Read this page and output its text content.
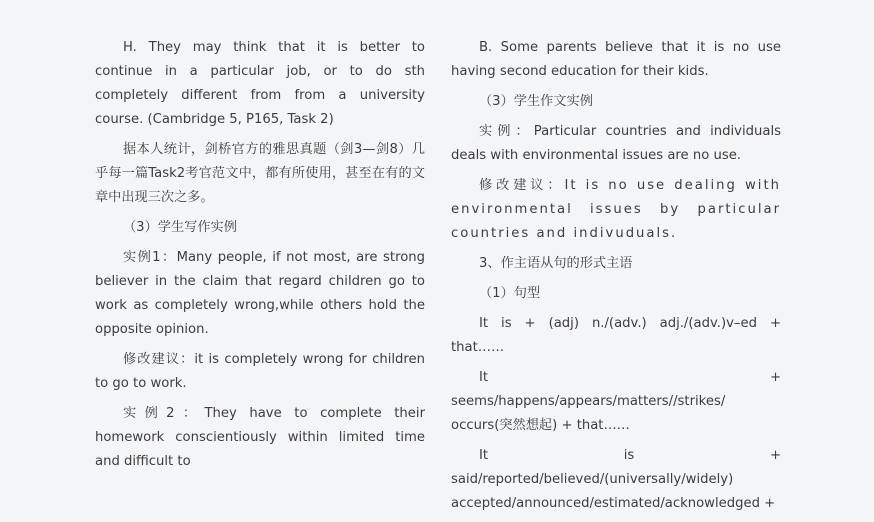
H. They may think that it is better to continue in a particular job, or to do sth completely different from from a university course. (Cambridge 5, P165, Task 2)

据本人统计，剑桥官方的雅思真题（剑3—剑8）几乎每一篇Task2考官范文中，都有所使用，甚至在有的文章中出现三次之多。

（3）学生写作实例

实例1：Many people, if not most, are strong believer in the claim that regard children go to work as completely wrong,while others hold the opposite opinion.

修改建议：it is completely wrong for children to go to work.

实例2：They have to complete their homework conscientiously within limited time and difficult to

B. Some parents believe that it is no use having second education for their kids.

（3）学生作文实例

实例：Particular countries and individuals deals with environmental issues are no use.

修改建议：It is no use dealing with environmental issues by particular countries and indivuduals.

3、作主语从句的形式主语

（1）句型

It is + (adj) n./(adv.) adj./(adv.)v–ed + that……

It + seems/happens/appears/matters//strikes/ occurs(突然想起) + that……

It is + said/reported/believed/(universally/widely) accepted/announced/estimated/acknowledged +
